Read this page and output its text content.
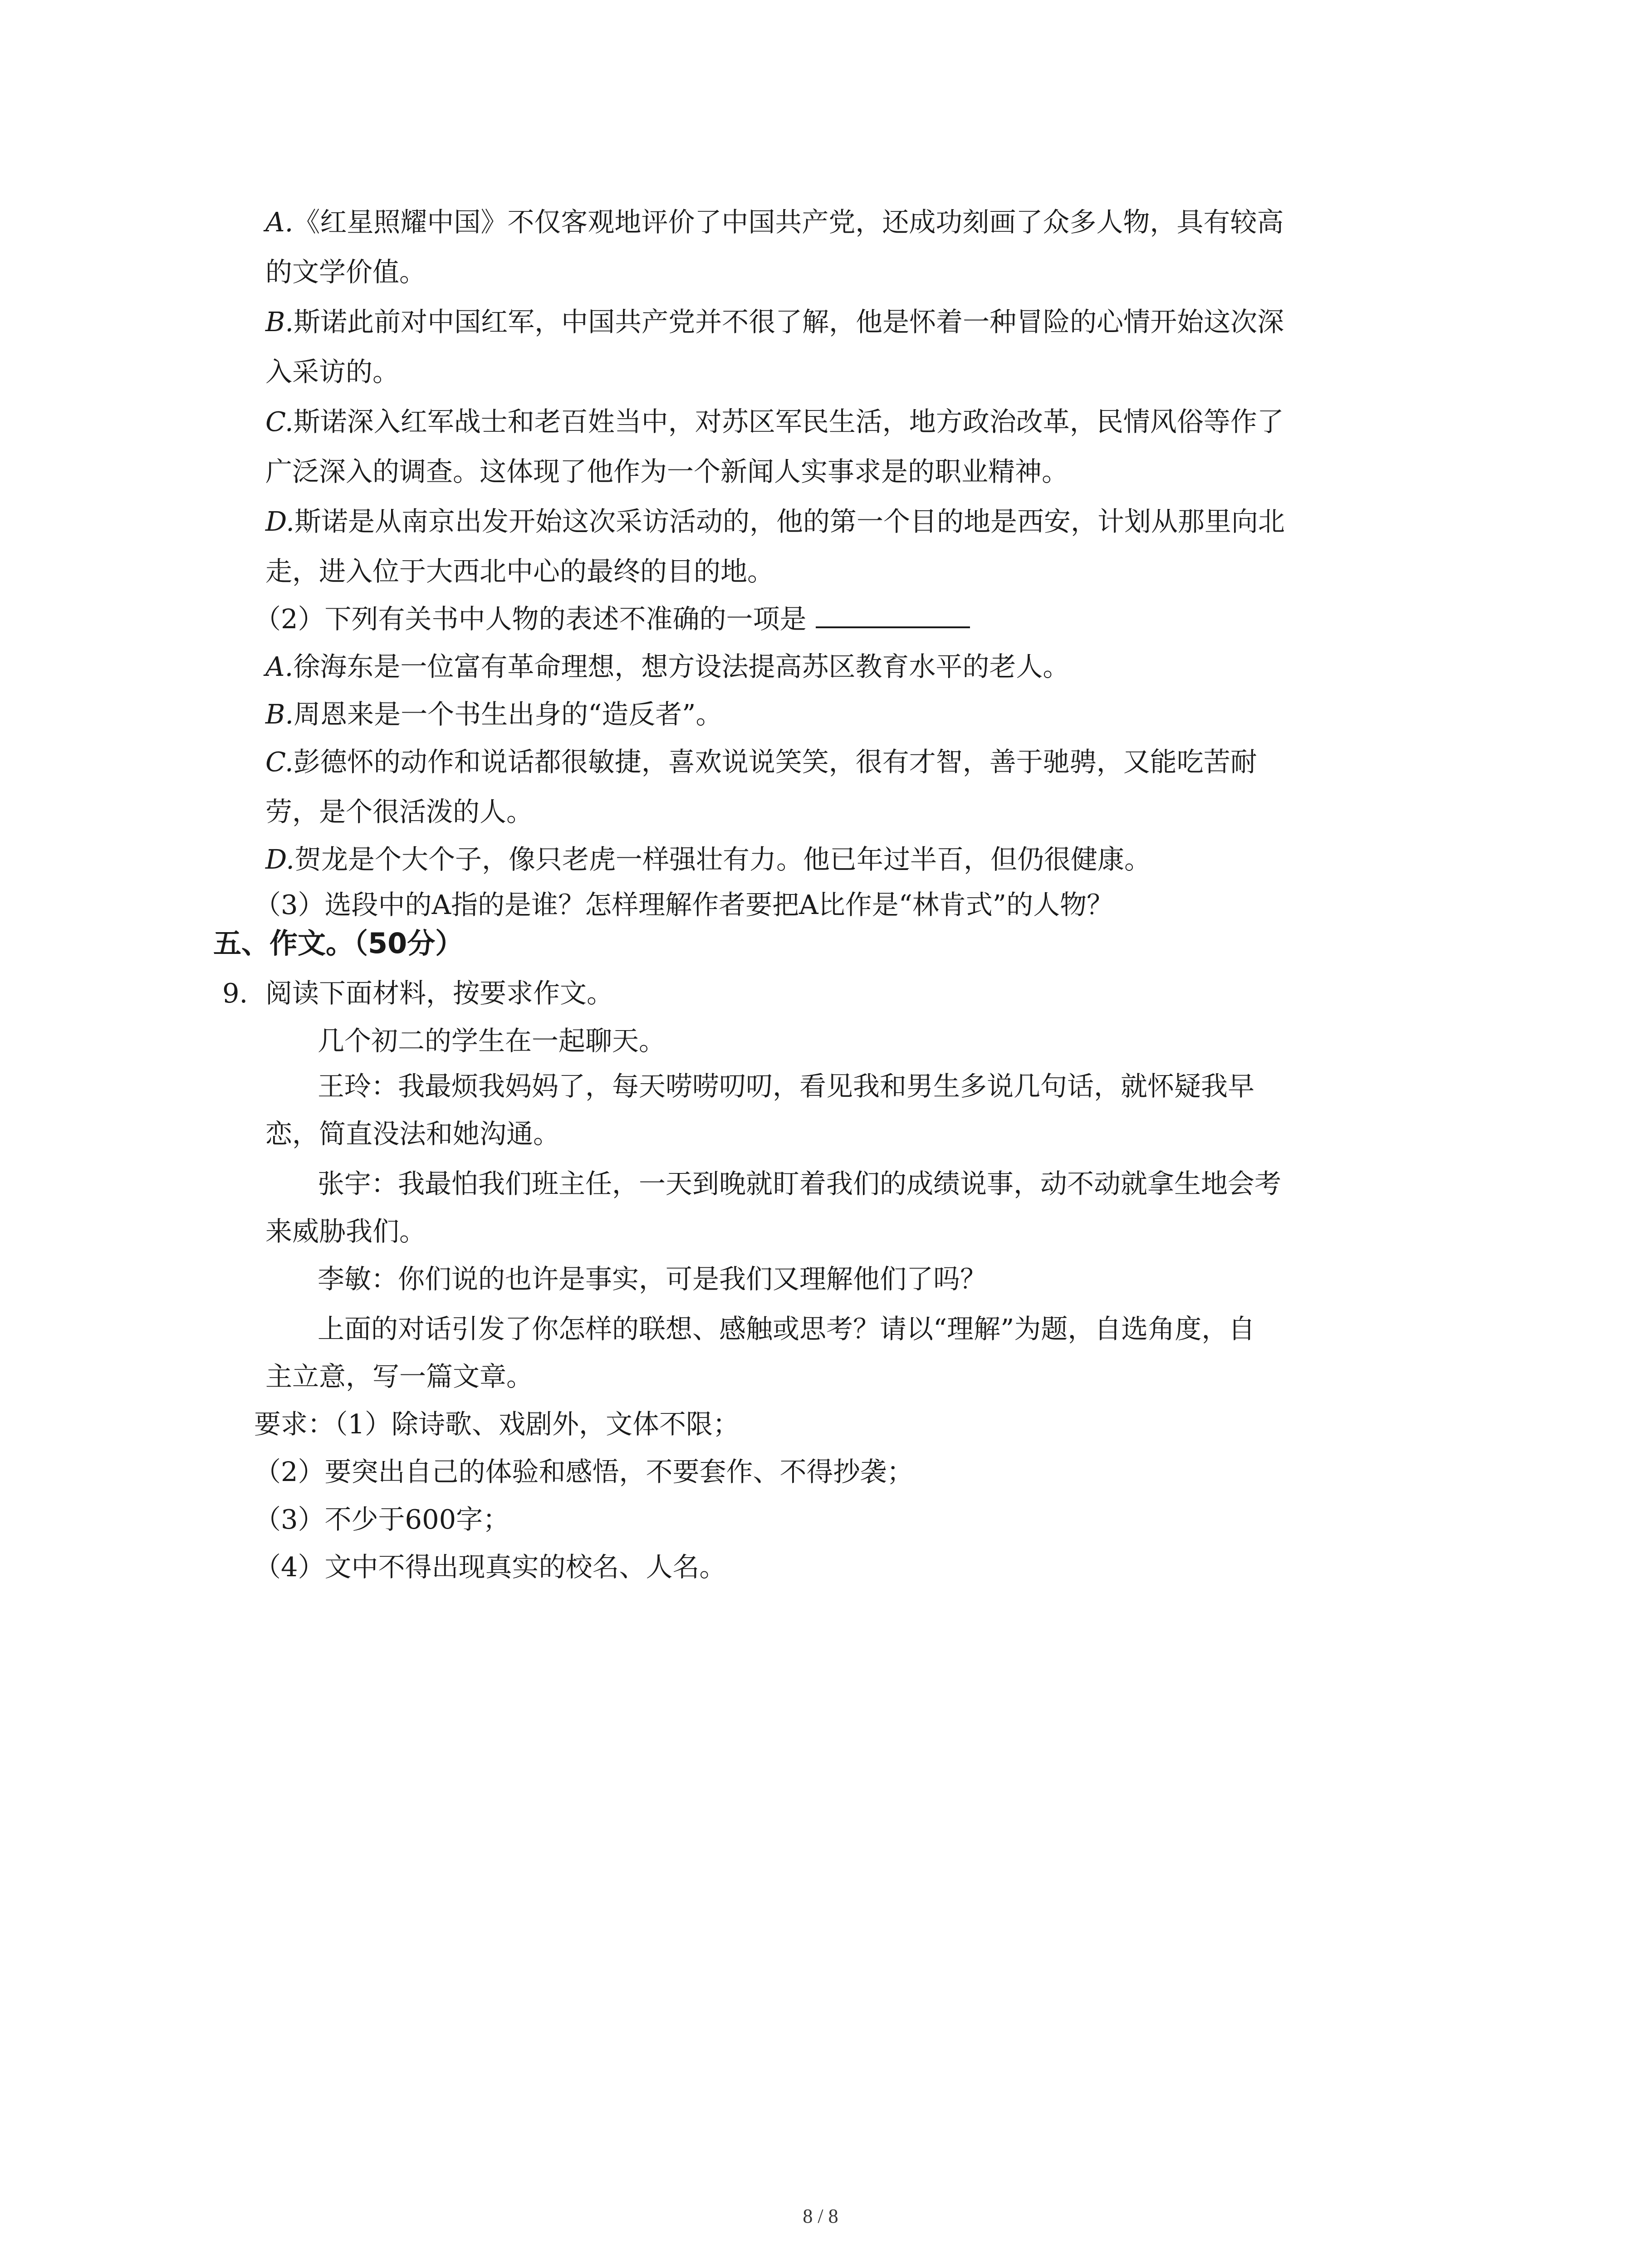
A.《红星照耀中国》不仅客观地评价了中国共产党，还成功刻画了众多人物，具有较高
的文学价值。
B.斯诺此前对中国红军，中国共产党并不很了解，他是怀着一种冒险的心情开始这次深
入采访的。
C.斯诺深入红军战士和老百姓当中，对苏区军民生活，地方政治改革，民情风俗等作了
广泛深入的调查。这体现了他作为一个新闻人实事求是的职业精神。
D.斯诺是从南京出发开始这次采访活动的，他的第一个目的地是西安，计划从那里向北
走，进入位于大西北中心的最终的目的地。
（2）下列有关书中人物的表述不准确的一项是
A.徐海东是一位富有革命理想，想方设法提高苏区教育水平的老人。
B.周恩来是一个书生出身的“造反者”。
C.彭德怀的动作和说话都很敏捷，喜欢说说笑笑，很有才智，善于驰骋，又能吃苦耐
劳，是个很活泼的人。
D.贺龙是个大个子，像只老虎一样强壮有力。他已年过半百，但仍很健康。
（3）选段中的A指的是谁？怎样理解作者要把A比作是“林肯式”的人物？
五、作文。（50分）
9. 阅读下面材料，按要求作文。
几个初二的学生在一起聊天。
王玲：我最烦我妈妈了，每天唠唠叨叨，看见我和男生多说几句话，就怀疑我早
恋，简直没法和她沟通。
张宇：我最怕我们班主任，一天到晚就盯着我们的成绩说事，动不动就拿生地会考
来威胁我们。
李敏：你们说的也许是事实，可是我们又理解他们了吗？
上面的对话引发了你怎样的联想、感触或思考？请以“理解”为题，自选角度，自
主立意，写一篇文章。
要求：（1）除诗歌、戏剧外，文体不限；
（2）要突出自己的体验和感悟，不要套作、不得抄袭；
（3）不少于600字；
（4）文中不得出现真实的校名、人名。
8 / 8
